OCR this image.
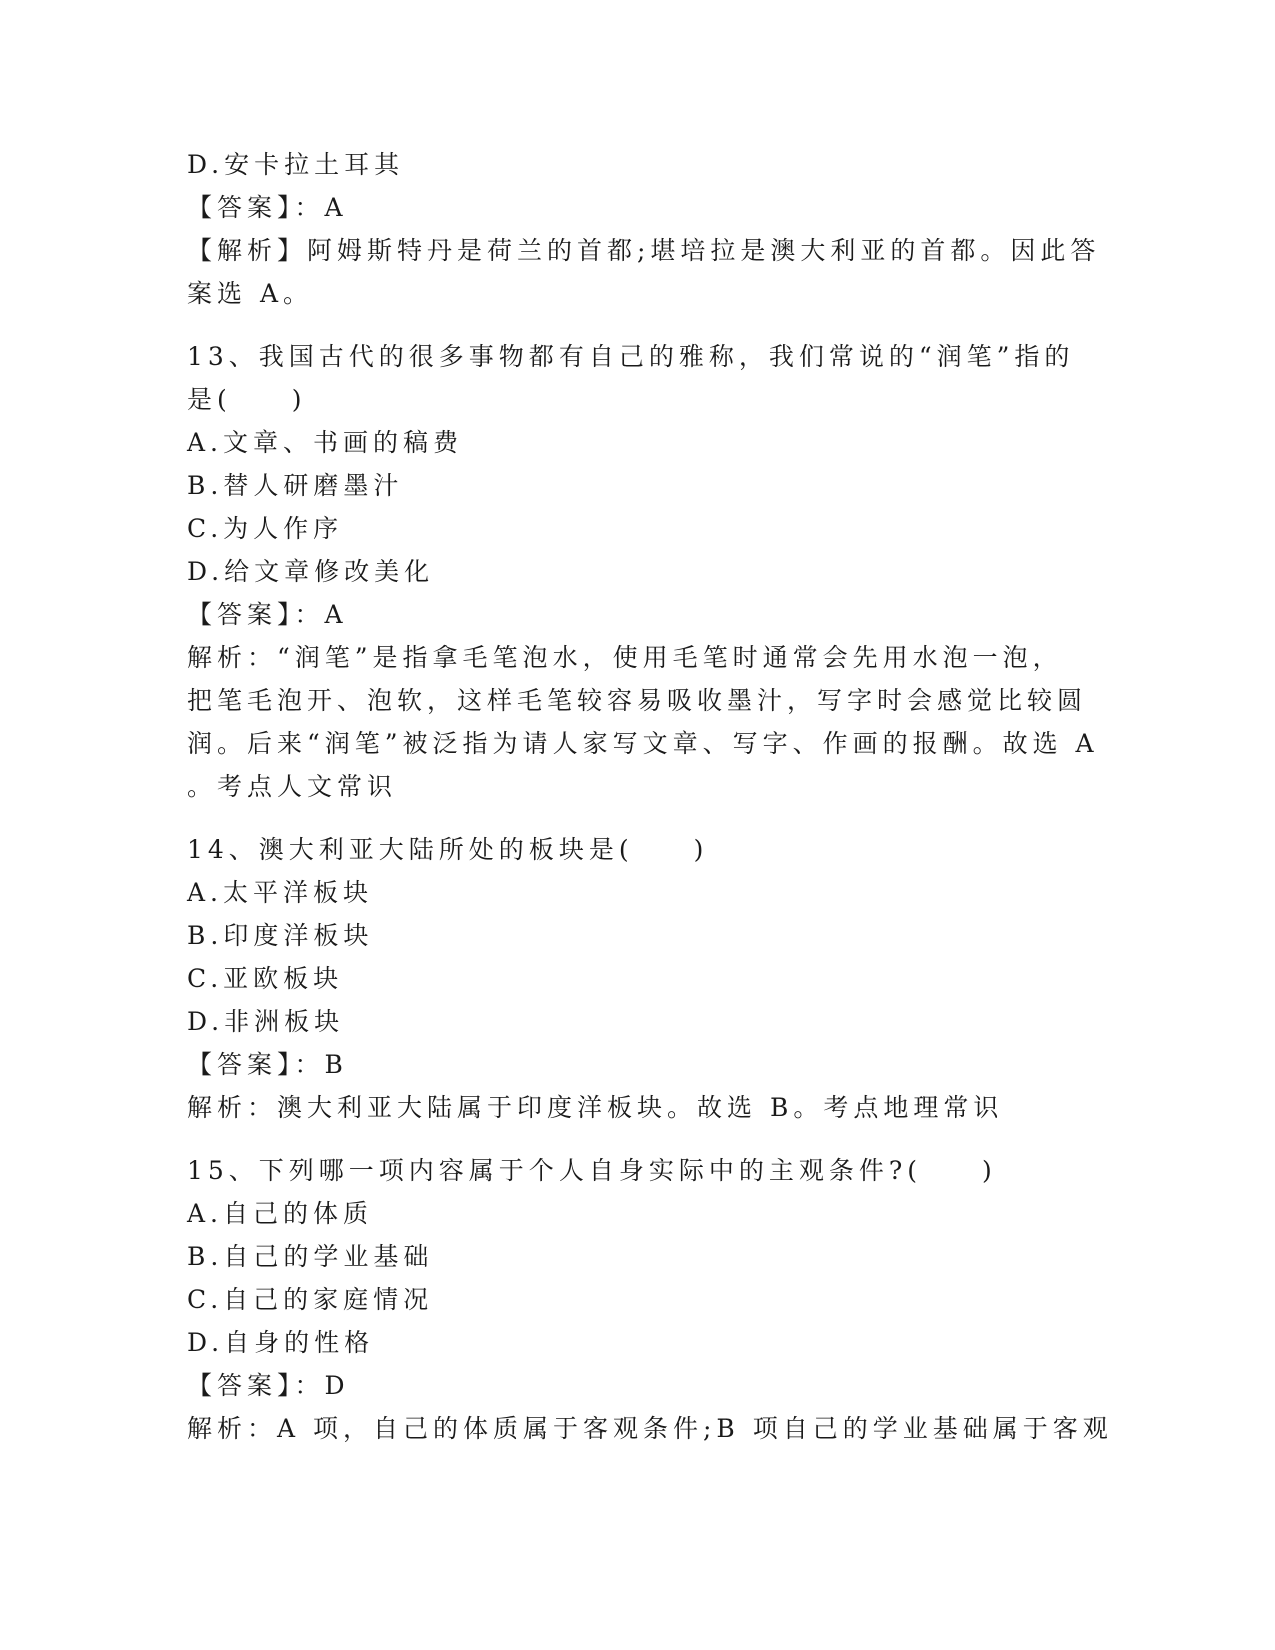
D.安卡拉土耳其

【答案】：A

【解析】阿姆斯特丹是荷兰的首都;堪培拉是澳大利亚的首都。因此答

案选 A。

13、我国古代的很多事物都有自己的雅称，我们常说的“润笔”指的

是(　　)

A.文章、书画的稿费

B.替人研磨墨汁

C.为人作序

D.给文章修改美化

【答案】：A

解析：“润笔”是指拿毛笔泡水，使用毛笔时通常会先用水泡一泡，

把笔毛泡开、泡软，这样毛笔较容易吸收墨汁，写字时会感觉比较圆

润。后来“润笔”被泛指为请人家写文章、写字、作画的报酬。故选 A

。考点人文常识

14、澳大利亚大陆所处的板块是(　　)

A.太平洋板块

B.印度洋板块

C.亚欧板块

D.非洲板块

【答案】：B

解析：澳大利亚大陆属于印度洋板块。故选 B。考点地理常识

15、下列哪一项内容属于个人自身实际中的主观条件?(　　)

A.自己的体质

B.自己的学业基础

C.自己的家庭情况

D.自身的性格

【答案】：D

解析：A 项，自己的体质属于客观条件;B 项自己的学业基础属于客观
